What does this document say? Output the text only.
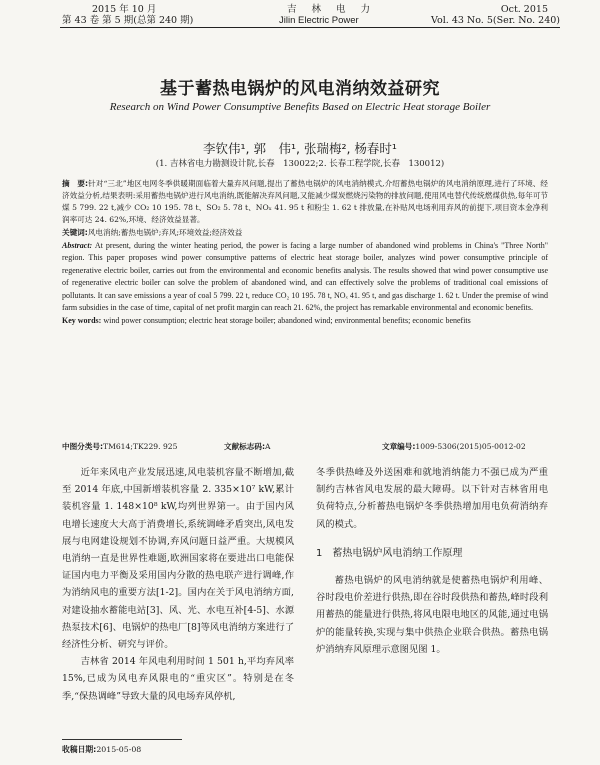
2015 年 10 月	吉 林 电 力	Oct. 2015
第 43 卷 第 5 期(总第 240 期)	Jilin Electric Power	Vol. 43 No. 5(Ser. No. 240)
基于蓄热电锅炉的风电消纳效益研究
Research on Wind Power Consumptive Benefits Based on Electric Heat storage Boiler
李钦伟¹, 郭　伟¹, 张瑞梅², 杨春时¹
(1. 吉林省电力勘测设计院,长春　130022;2. 长春工程学院,长春　130012)
摘　要:针对“三北”地区电网冬季供暖期面临着大量弃风问题,提出了蓄热电锅炉的风电消纳模式,介绍蓄热电锅炉的风电消纳原理,进行了环境、经济效益分析,结果表明:采用蓄热电锅炉进行风电消纳,既能解决弃风问题,又能减少煤炭燃烧污染物的排放问题,使用风电替代传统燃煤供热,每年可节煤 5 799. 22 t,减少 CO₂ 10 195. 78 t、SO₂ 5. 78 t、NOₓ 41. 95 t 和粉尘 1. 62 t 排放量,在补贴风电场利用弃风的前提下,项目资本金净利润率可达 24. 62%,环境、经济效益显著。
关键词:风电消纳;蓄热电锅炉;弃风;环境效益;经济效益
Abstract: At present, during the winter heating period, the power is facing a large number of abandoned wind problems in China's "Three North" region. This paper proposes wind power consumptive patterns of electric heat storage boiler, analyzes wind power consumptive principle of regenerative electric boiler, carries out from the environmental and economic benefits analysis. The results showed that wind power consumptive use of regenerative electric boiler can solve the problem of abandoned wind, and can effectively solve the problems of traditional coal emissions of pollutants. It can save emissions a year of coal 5 799. 22 t, reduce CO₂ 10 195. 78 t, NOₓ 41. 95 t, and gas discharge 1. 62 t. Under the premise of wind farm subsidies in the case of time, capital of net profit margin can reach 21. 62%, the project has remarkable environmental and economic benefits.
Key words: wind power consumption; electric heat storage boiler; abandoned wind; environmental benefits; economic benefits
中图分类号:TM614;TK229. 925	文献标志码:A	文章编号:1009-5306(2015)05-0012-02

近年来风电产业发展迅速,风电装机容量不断增加,截至 2014 年底,中国新增装机容量 2. 335×10⁷ kW,累计装机容量 1. 148×10⁸ kW,均列世界第一。由于国内风电增长速度大大高于消费增长,系统调峰矛盾突出,风电发展与电网建设规划不协调,弃风问题日益严重。大规模风电消纳一直是世界性难题,欧洲国家将在要进出口电能保证国内电力平衡及采用国内分散的热电联产进行调峰,作为消纳风电的重要方法[1-2]。国内在关于风电消纳方面,对建设抽水蓄能电站[3]、风、光、水电互补[4-5]、水源热泵技术[6]、电锅炉的热电厂[8]等风电消纳方案进行了经济性分析、研究与评价。

吉林省 2014 年风电利用时间 1 501 h,平均弃风率 15%,已成为风电弃风限电的“重灾区”。特别是在冬季,“保热调峰”导致大量的风电场弃风停机,

冬季供热峰及外送困难和就地消纳能力不强已成为严重制约吉林省风电发展的最大障碍。以下针对吉林省用电负荷特点,分析蓄热电锅炉冬季供热增加用电负荷消纳弃风的模式。

1　蓄热电锅炉风电消纳工作原理

蓄热电锅炉的风电消纳就是使蓄热电锅炉利用峰、谷时段电价差进行供热,即在谷时段供热和蓄热,峰时段利用蓄热的能量进行供热,将风电限电地区的风能,通过电锅炉的能量转换,实现与集中供热企业联合供热。蓄热电锅炉消纳弃风原理示意图见图 1。

收稿日期:2015-05-08
